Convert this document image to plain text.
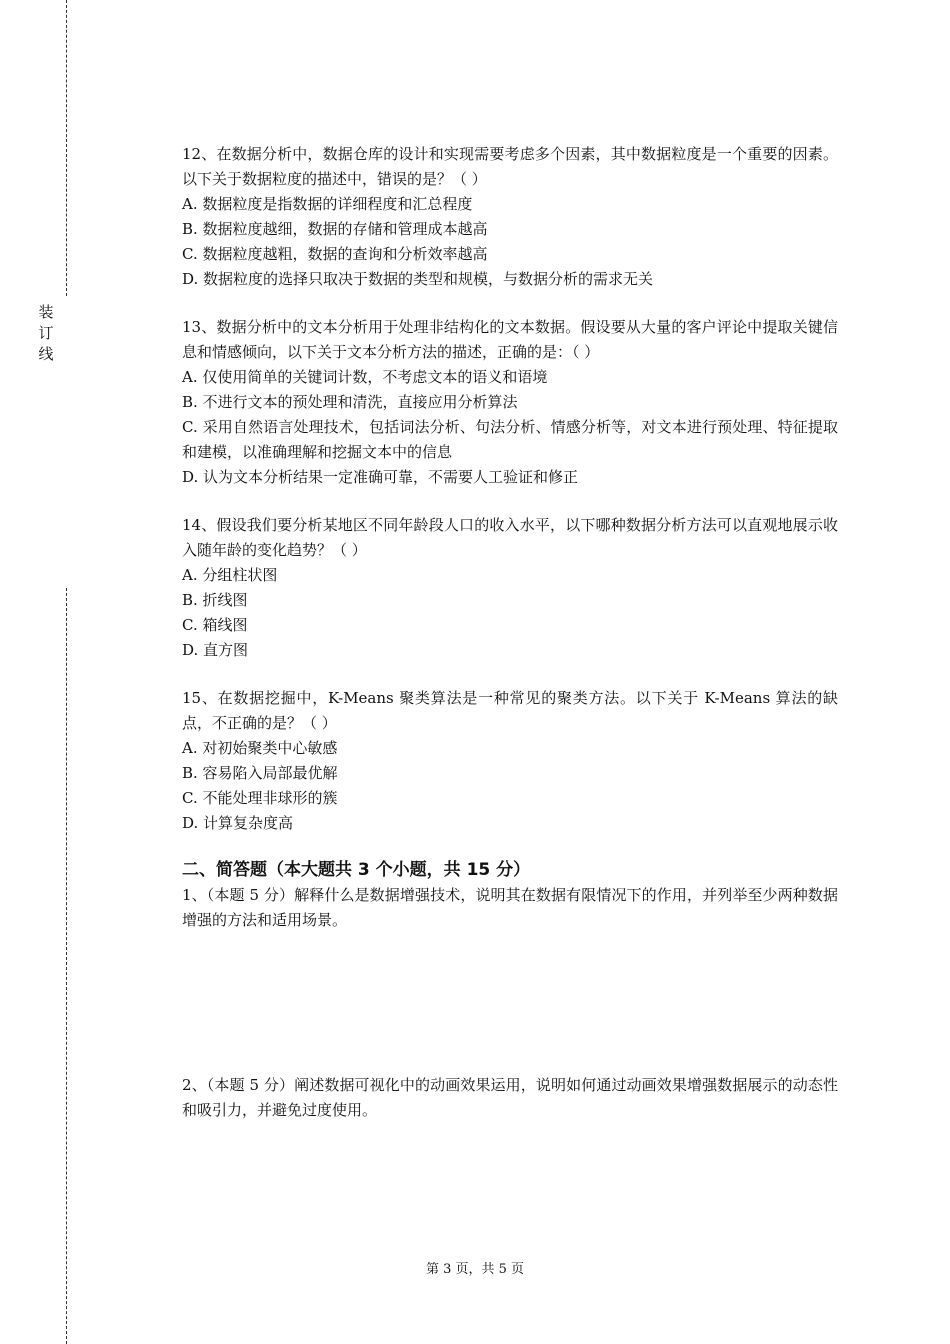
装
订
线

12、在数据分析中，数据仓库的设计和实现需要考虑多个因素，其中数据粒度是一个重要的因素。以下关于数据粒度的描述中，错误的是？（ ）

A. 数据粒度是指数据的详细程度和汇总程度

B. 数据粒度越细，数据的存储和管理成本越高

C. 数据粒度越粗，数据的查询和分析效率越高

D. 数据粒度的选择只取决于数据的类型和规模，与数据分析的需求无关

13、数据分析中的文本分析用于处理非结构化的文本数据。假设要从大量的客户评论中提取关键信息和情感倾向，以下关于文本分析方法的描述，正确的是：（ ）

A. 仅使用简单的关键词计数，不考虑文本的语义和语境

B. 不进行文本的预处理和清洗，直接应用分析算法

C. 采用自然语言处理技术，包括词法分析、句法分析、情感分析等，对文本进行预处理、特征提取和建模，以准确理解和挖掘文本中的信息

D. 认为文本分析结果一定准确可靠，不需要人工验证和修正

14、假设我们要分析某地区不同年龄段人口的收入水平，以下哪种数据分析方法可以直观地展示收入随年龄的变化趋势？（ ）

A. 分组柱状图

B. 折线图

C. 箱线图

D. 直方图

15、在数据挖掘中，K-Means 聚类算法是一种常见的聚类方法。以下关于 K-Means 算法的缺点，不正确的是？（ ）

A. 对初始聚类中心敏感

B. 容易陷入局部最优解

C. 不能处理非球形的簇

D. 计算复杂度高

二、简答题（本大题共 3 个小题，共 15 分）

1、（本题 5 分）解释什么是数据增强技术，说明其在数据有限情况下的作用，并列举至少两种数据增强的方法和适用场景。

2、（本题 5 分）阐述数据可视化中的动画效果运用，说明如何通过动画效果增强数据展示的动态性和吸引力，并避免过度使用。

第 3 页，共 5 页
